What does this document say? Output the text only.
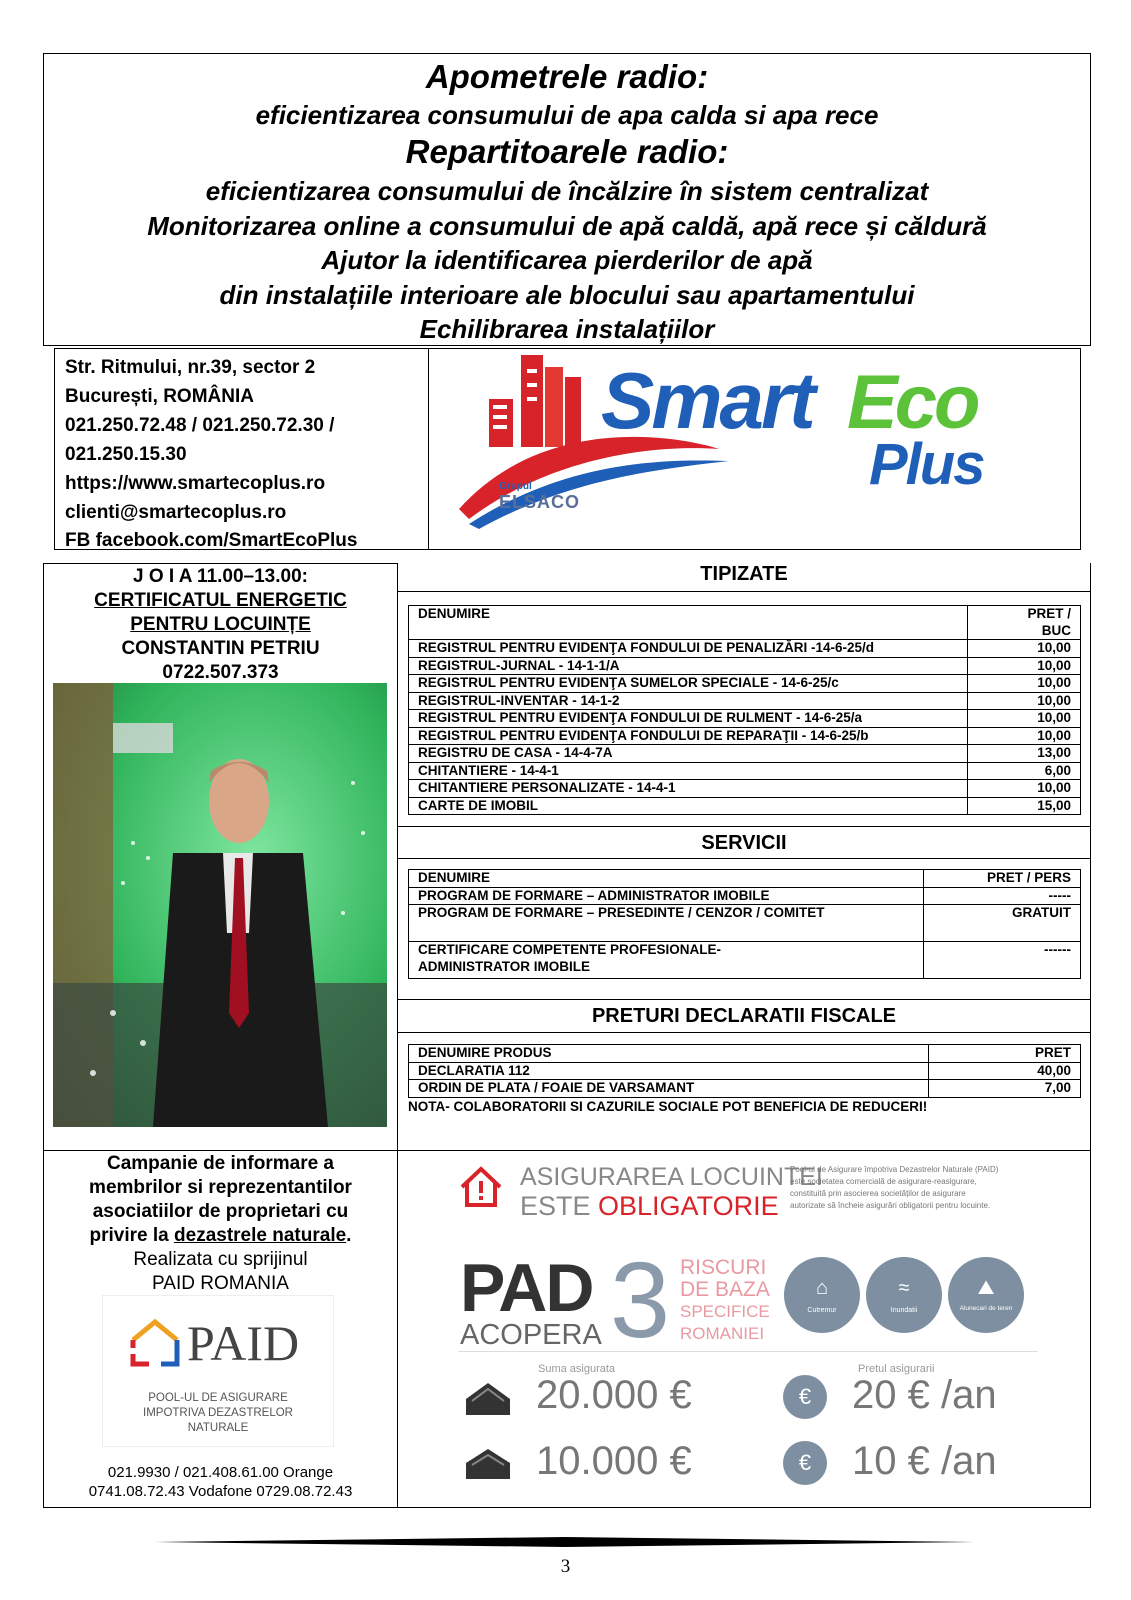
Apometrele radio:
eficientizarea consumului de apa calda si apa rece
Repartitoarele radio:
eficientizarea consumului de încălzire în sistem centralizat
Monitorizarea online a consumului de apă caldă, apă rece și căldură
Ajutor la identificarea pierderilor de apă
din instalațiile interioare ale blocului sau apartamentului
Echilibrarea instalațiilor
Str. Ritmului, nr.39, sector 2
București, ROMÂNIA
021.250.72.48 / 021.250.72.30 /
021.250.15.30
https://www.smartecoplus.ro
clienti@smartecoplus.ro
FB facebook.com/SmartEcoPlus
Smart Eco
Plus
Grupul
ELSACO
J O I A 11.00–13.00:
CERTIFICATUL ENERGETIC
PENTRU LOCUINȚE
CONSTANTIN PETRIU
0722.507.373
TIPIZATE
DENUMIRE	PRET /
BUC
REGISTRUL PENTRU EVIDENŢA FONDULUI DE PENALIZĂRI -14-6-25/d	10,00
REGISTRUL-JURNAL - 14-1-1/A	10,00
REGISTRUL PENTRU EVIDENŢA SUMELOR SPECIALE - 14-6-25/c	10,00
REGISTRUL-INVENTAR - 14-1-2	10,00
REGISTRUL PENTRU EVIDENŢA FONDULUI DE RULMENT - 14-6-25/a	10,00
REGISTRUL PENTRU EVIDENŢA FONDULUI DE REPARAŢII - 14-6-25/b	10,00
REGISTRU DE CASA - 14-4-7A	13,00
CHITANTIERE - 14-4-1	6,00
CHITANTIERE PERSONALIZATE - 14-4-1	10,00
CARTE DE IMOBIL	15,00
SERVICII
DENUMIRE	PRET / PERS
PROGRAM DE FORMARE – ADMINISTRATOR IMOBILE	-----
PROGRAM DE FORMARE – PRESEDINTE / CENZOR / COMITET	GRATUIT
CERTIFICARE COMPETENTE PROFESIONALE- ADMINISTRATOR IMOBILE	------
PRETURI DECLARATII FISCALE
DENUMIRE PRODUS	PRET
DECLARATIA 112	40,00
ORDIN DE PLATA / FOAIE DE VARSAMANT	7,00
NOTA- COLABORATORII SI CAZURILE SOCIALE POT BENEFICIA DE REDUCERI!
Campanie de informare a
membrilor si reprezentantilor
asociatiilor de proprietari cu
privire la dezastrele naturale.
Realizata cu sprijinul
PAID ROMANIA
PAID
POOL-UL DE ASIGURARE
IMPOTRIVA DEZASTRELOR
NATURALE
021.9930 / 021.408.61.00 Orange
0741.08.72.43 Vodafone 0729.08.72.43
ASIGURAREA LOCUINTEI
ESTE OBLIGATORIE
Pool-ul de Asigurare împotriva Dezastrelor Naturale (PAID)
este societatea comercială de asigurare-reasigurare,
constituită prin asocierea societăților de asigurare
autorizate să încheie asigurări obligatorii pentru locuinte.
PAD
ACOPERA 3 RISCURI
DE BAZA
SPECIFICE
ROMANIEI
⌂
Cutremur
≈
Inundatii
⛰
Alunecari de teren
Suma asigurata	Pretul asigurarii
20.000 €	€	20 € /an
10.000 €	€	10 € /an
3
